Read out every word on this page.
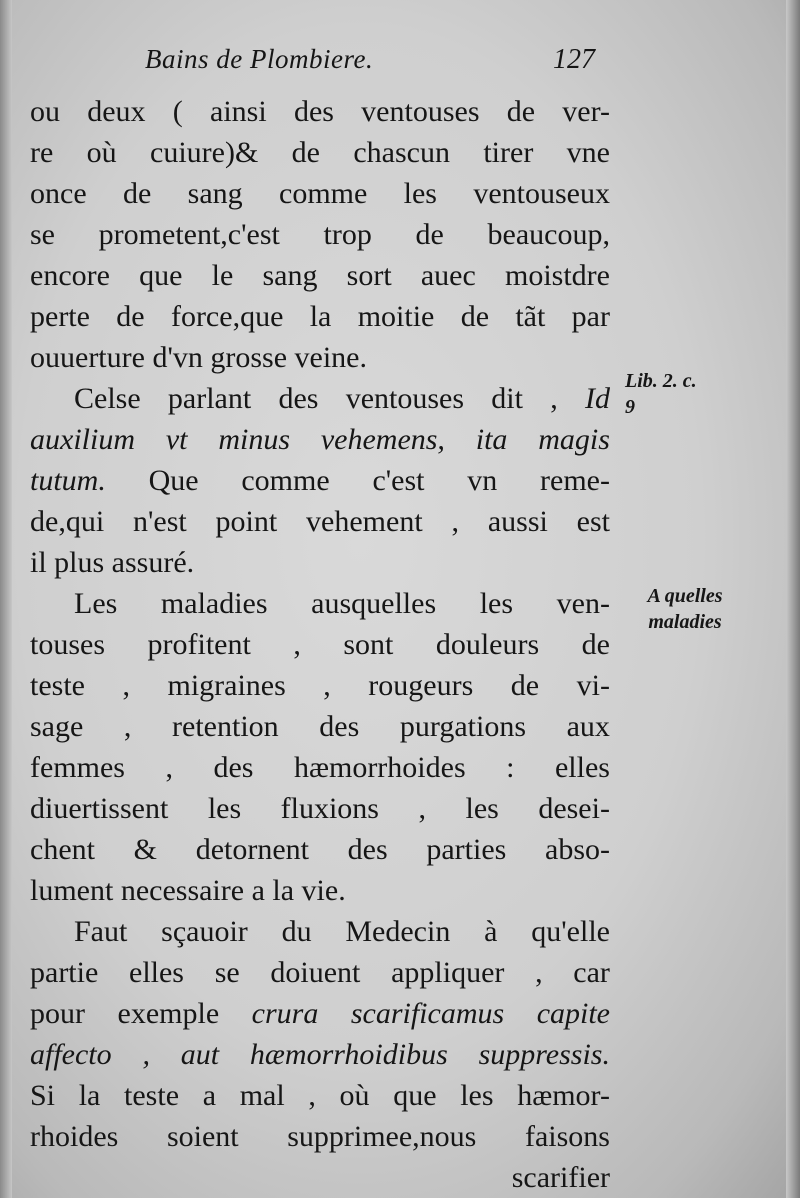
Bains de Plombiere.	127
ou deux ( ainsi des ventouses de ver-
re où cuiure)& de chascun tirer vne
once de sang comme les ventouseux
se prometent,c'est trop de beaucoup,
encore que le sang sort auec moistdre
perte de force,que la moitie de tãt par
ouuerture d'vn grosse veine.
Celse parlant des ventouses dit , Id
auxilium vt minus vehemens, ita magis
tutum. Que comme c'est vn reme-
de,qui n'est point vehement , aussi est
il plus assuré.
Les maladies ausquelles les ven-
touses profitent , sont douleurs de
teste , migraines , rougeurs de vi-
sage , retention des purgations aux
femmes , des hæmorrhoides : elles
diuertissent les fluxions , les desei-
chent & detornent des parties abso-
lument necessaire a la vie.
Faut sçauoir du Medecin à qu'elle
partie elles se doiuent appliquer , car
pour exemple crura scarificamus capite
affecto , aut hæmorrhoidibus suppressis.
Si la teste a mal , où que les hæmor-
rhoides soient supprimee,nous faisons
scarifier
Lib. 2. c.
9
A quelles
maladies
